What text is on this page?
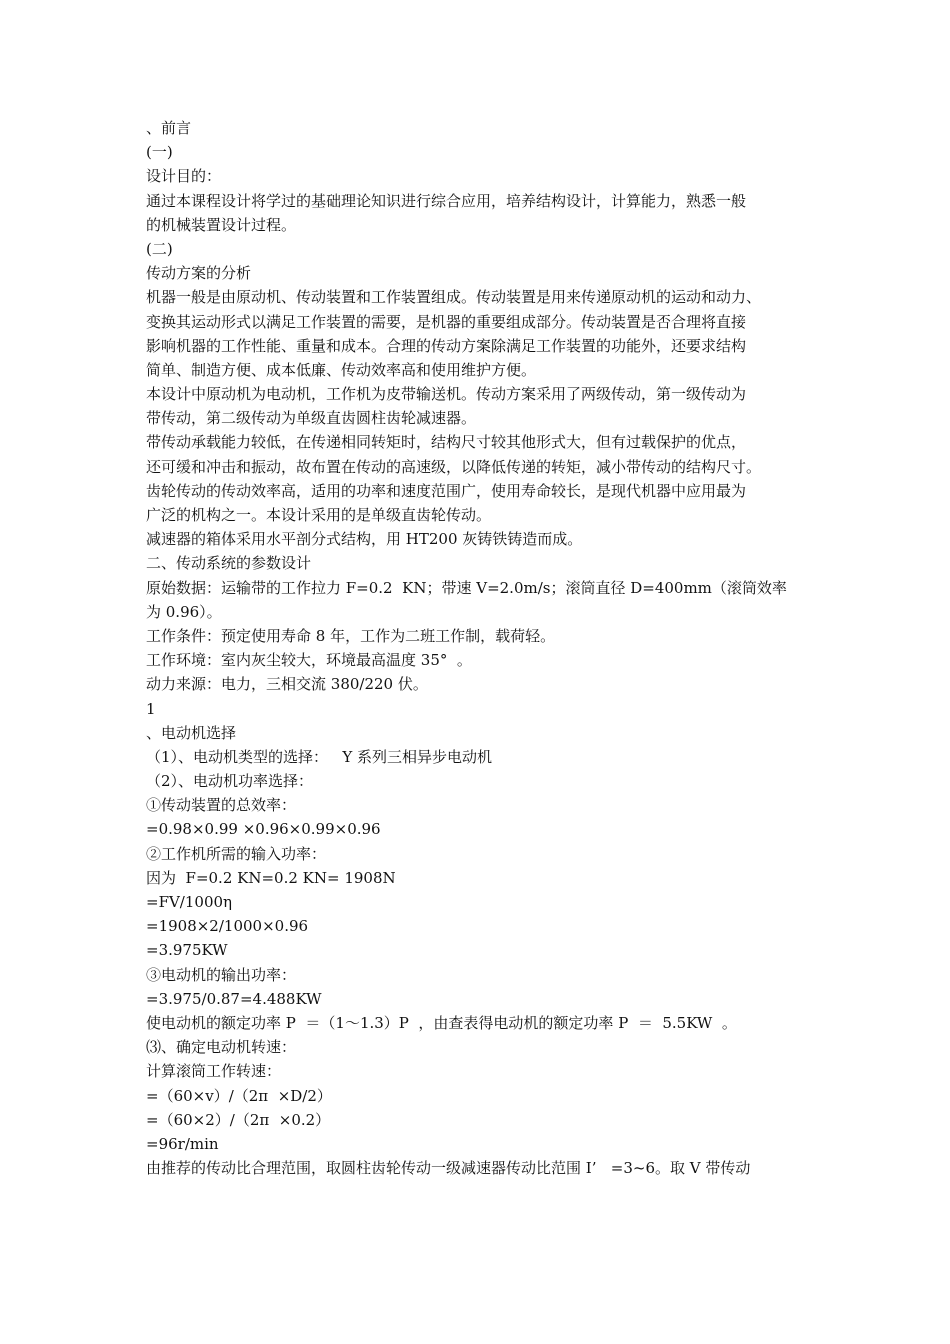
、前言
(一)
设计目的：
通过本课程设计将学过的基础理论知识进行综合应用，培养结构设计，计算能力，熟悉一般
的机械装置设计过程。
(二)
传动方案的分析
机器一般是由原动机、传动装置和工作装置组成。传动装置是用来传递原动机的运动和动力、
变换其运动形式以满足工作装置的需要，是机器的重要组成部分。传动装置是否合理将直接
影响机器的工作性能、重量和成本。合理的传动方案除满足工作装置的功能外，还要求结构
简单、制造方便、成本低廉、传动效率高和使用维护方便。
本设计中原动机为电动机，工作机为皮带输送机。传动方案采用了两级传动，第一级传动为
带传动，第二级传动为单级直齿圆柱齿轮减速器。
带传动承载能力较低，在传递相同转矩时，结构尺寸较其他形式大，但有过载保护的优点，
还可缓和冲击和振动，故布置在传动的高速级，以降低传递的转矩，减小带传动的结构尺寸。
齿轮传动的传动效率高，适用的功率和速度范围广，使用寿命较长，是现代机器中应用最为
广泛的机构之一。本设计采用的是单级直齿轮传动。
减速器的箱体采用水平剖分式结构，用 HT200 灰铸铁铸造而成。
二、传动系统的参数设计
原始数据：运输带的工作拉力 F=0.2  KN；带速 V=2.0m/s；滚筒直径 D=400mm（滚筒效率
为 0.96）。
工作条件：预定使用寿命 8 年，工作为二班工作制，载荷轻。
工作环境：室内灰尘较大，环境最高温度 35°  。
动力来源：电力，三相交流 380/220 伏。
1
、电动机选择
（1）、电动机类型的选择：   Y 系列三相异步电动机
（2）、电动机功率选择：
①传动装置的总效率：
=0.98×0.99 ×0.96×0.99×0.96
②工作机所需的输入功率：
因为  F=0.2 KN=0.2 KN= 1908N
=FV/1000η
=1908×2/1000×0.96
=3.975KW
③电动机的输出功率：
=3.975/0.87=4.488KW
使电动机的额定功率 P  ＝（1～1.3）P  ，由查表得电动机的额定功率 P  ＝  5.5KW  。
⑶、确定电动机转速：
计算滚筒工作转速：
=（60×v）/（2π  ×D/2）
=（60×2）/（2π  ×0.2）
=96r/min
由推荐的传动比合理范围，取圆柱齿轮传动一级减速器传动比范围 I’   =3~6。取 V 带传动
